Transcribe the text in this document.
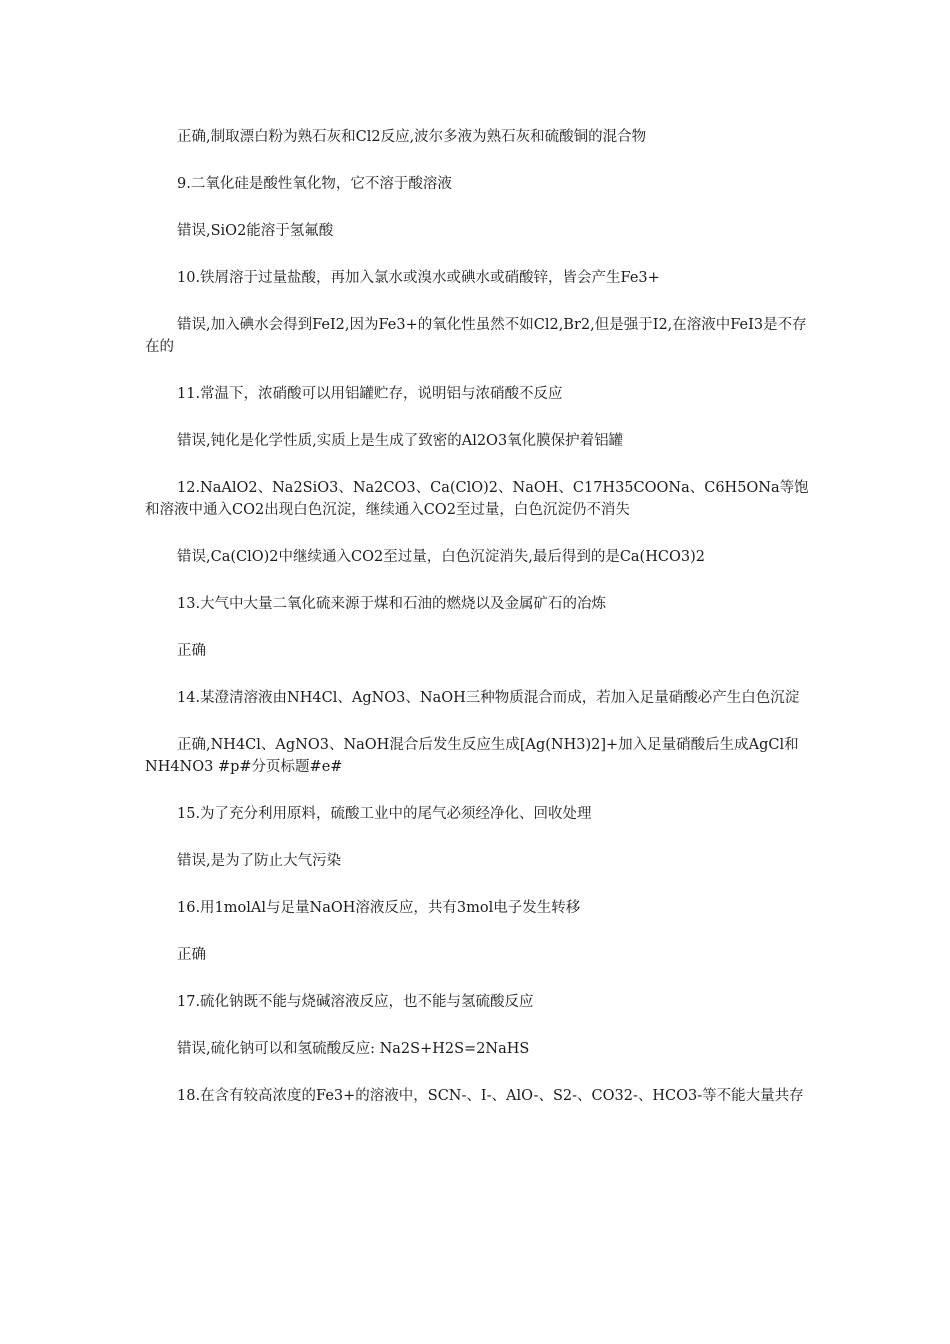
正确,制取漂白粉为熟石灰和Cl2反应,波尔多液为熟石灰和硫酸铜的混合物

9.二氧化硅是酸性氧化物，它不溶于酸溶液

错误,SiO2能溶于氢氟酸

10.铁屑溶于过量盐酸，再加入氯水或溴水或碘水或硝酸锌，皆会产生Fe3+

错误,加入碘水会得到FeI2,因为Fe3+的氧化性虽然不如Cl2,Br2,但是强于I2,在溶液中FeI3是不存在的

11.常温下，浓硝酸可以用铝罐贮存，说明铝与浓硝酸不反应

错误,钝化是化学性质,实质上是生成了致密的Al2O3氧化膜保护着铝罐

12.NaAlO2、Na2SiO3、Na2CO3、Ca(ClO)2、NaOH、C17H35COONa、C6H5ONa等饱和溶液中通入CO2出现白色沉淀，继续通入CO2至过量，白色沉淀仍不消失

错误,Ca(ClO)2中继续通入CO2至过量，白色沉淀消失,最后得到的是Ca(HCO3)2

13.大气中大量二氧化硫来源于煤和石油的燃烧以及金属矿石的冶炼

正确

14.某澄清溶液由NH4Cl、AgNO3、NaOH三种物质混合而成，若加入足量硝酸必产生白色沉淀

正确,NH4Cl、AgNO3、NaOH混合后发生反应生成[Ag(NH3)2]+加入足量硝酸后生成AgCl和NH4NO3 #p#分页标题#e#

15.为了充分利用原料，硫酸工业中的尾气必须经净化、回收处理

错误,是为了防止大气污染

16.用1molAl与足量NaOH溶液反应，共有3mol电子发生转移

正确

17.硫化钠既不能与烧碱溶液反应，也不能与氢硫酸反应

错误,硫化钠可以和氢硫酸反应: Na2S+H2S=2NaHS

18.在含有较高浓度的Fe3+的溶液中，SCN-、I-、AlO-、S2-、CO32-、HCO3-等不能大量共存
